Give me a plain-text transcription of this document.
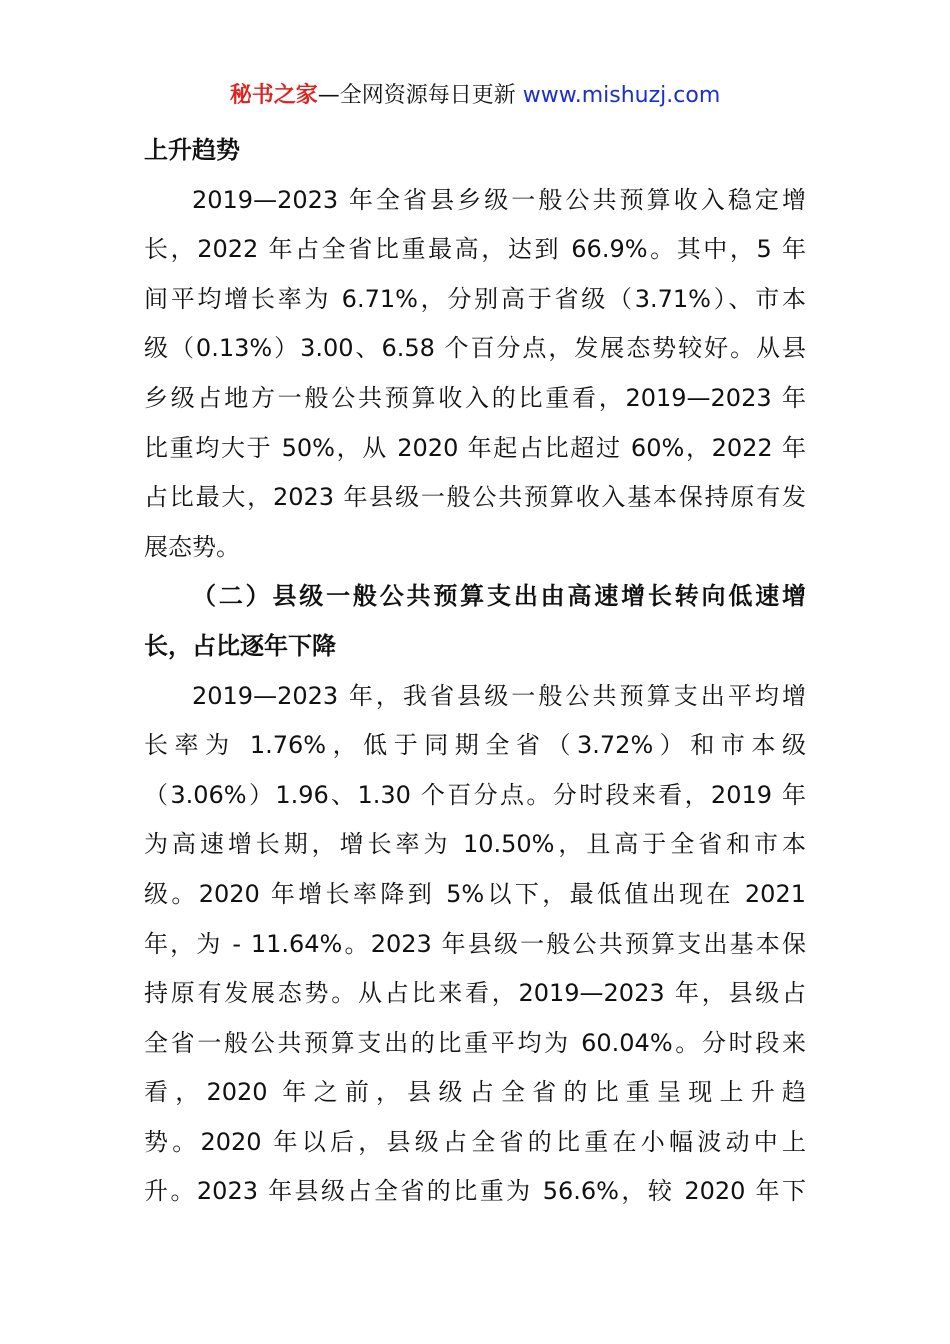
秘书之家—全网资源每日更新 www.mishuzj.com
上升趋势
2019—2023 年全省县乡级一般公共预算收入稳定增
长，2022 年占全省比重最高，达到 66.9%。其中，5 年
间平均增长率为 6.71%，分别高于省级（3.71%）、市本
级（0.13%）3.00、6.58 个百分点，发展态势较好。从县
乡级占地方一般公共预算收入的比重看，2019—2023 年
比重均大于 50%，从 2020 年起占比超过 60%，2022 年
占比最大，2023 年县级一般公共预算收入基本保持原有发
展态势。
（二）县级一般公共预算支出由高速增长转向低速增
长，占比逐年下降
2019—2023 年，我省县级一般公共预算支出平均增
长率为 1.76%，低于同期全省（3.72%）和市本级
（3.06%）1.96、1.30 个百分点。分时段来看，2019 年
为高速增长期，增长率为 10.50%，且高于全省和市本
级。2020 年增长率降到 5%以下，最低值出现在 2021
年，为 - 11.64%。2023 年县级一般公共预算支出基本保
持原有发展态势。从占比来看，2019—2023 年，县级占
全省一般公共预算支出的比重平均为 60.04%。分时段来
看，2020 年之前，县级占全省的比重呈现上升趋
势。2020 年以后，县级占全省的比重在小幅波动中上
升。2023 年县级占全省的比重为 56.6%，较 2020 年下
